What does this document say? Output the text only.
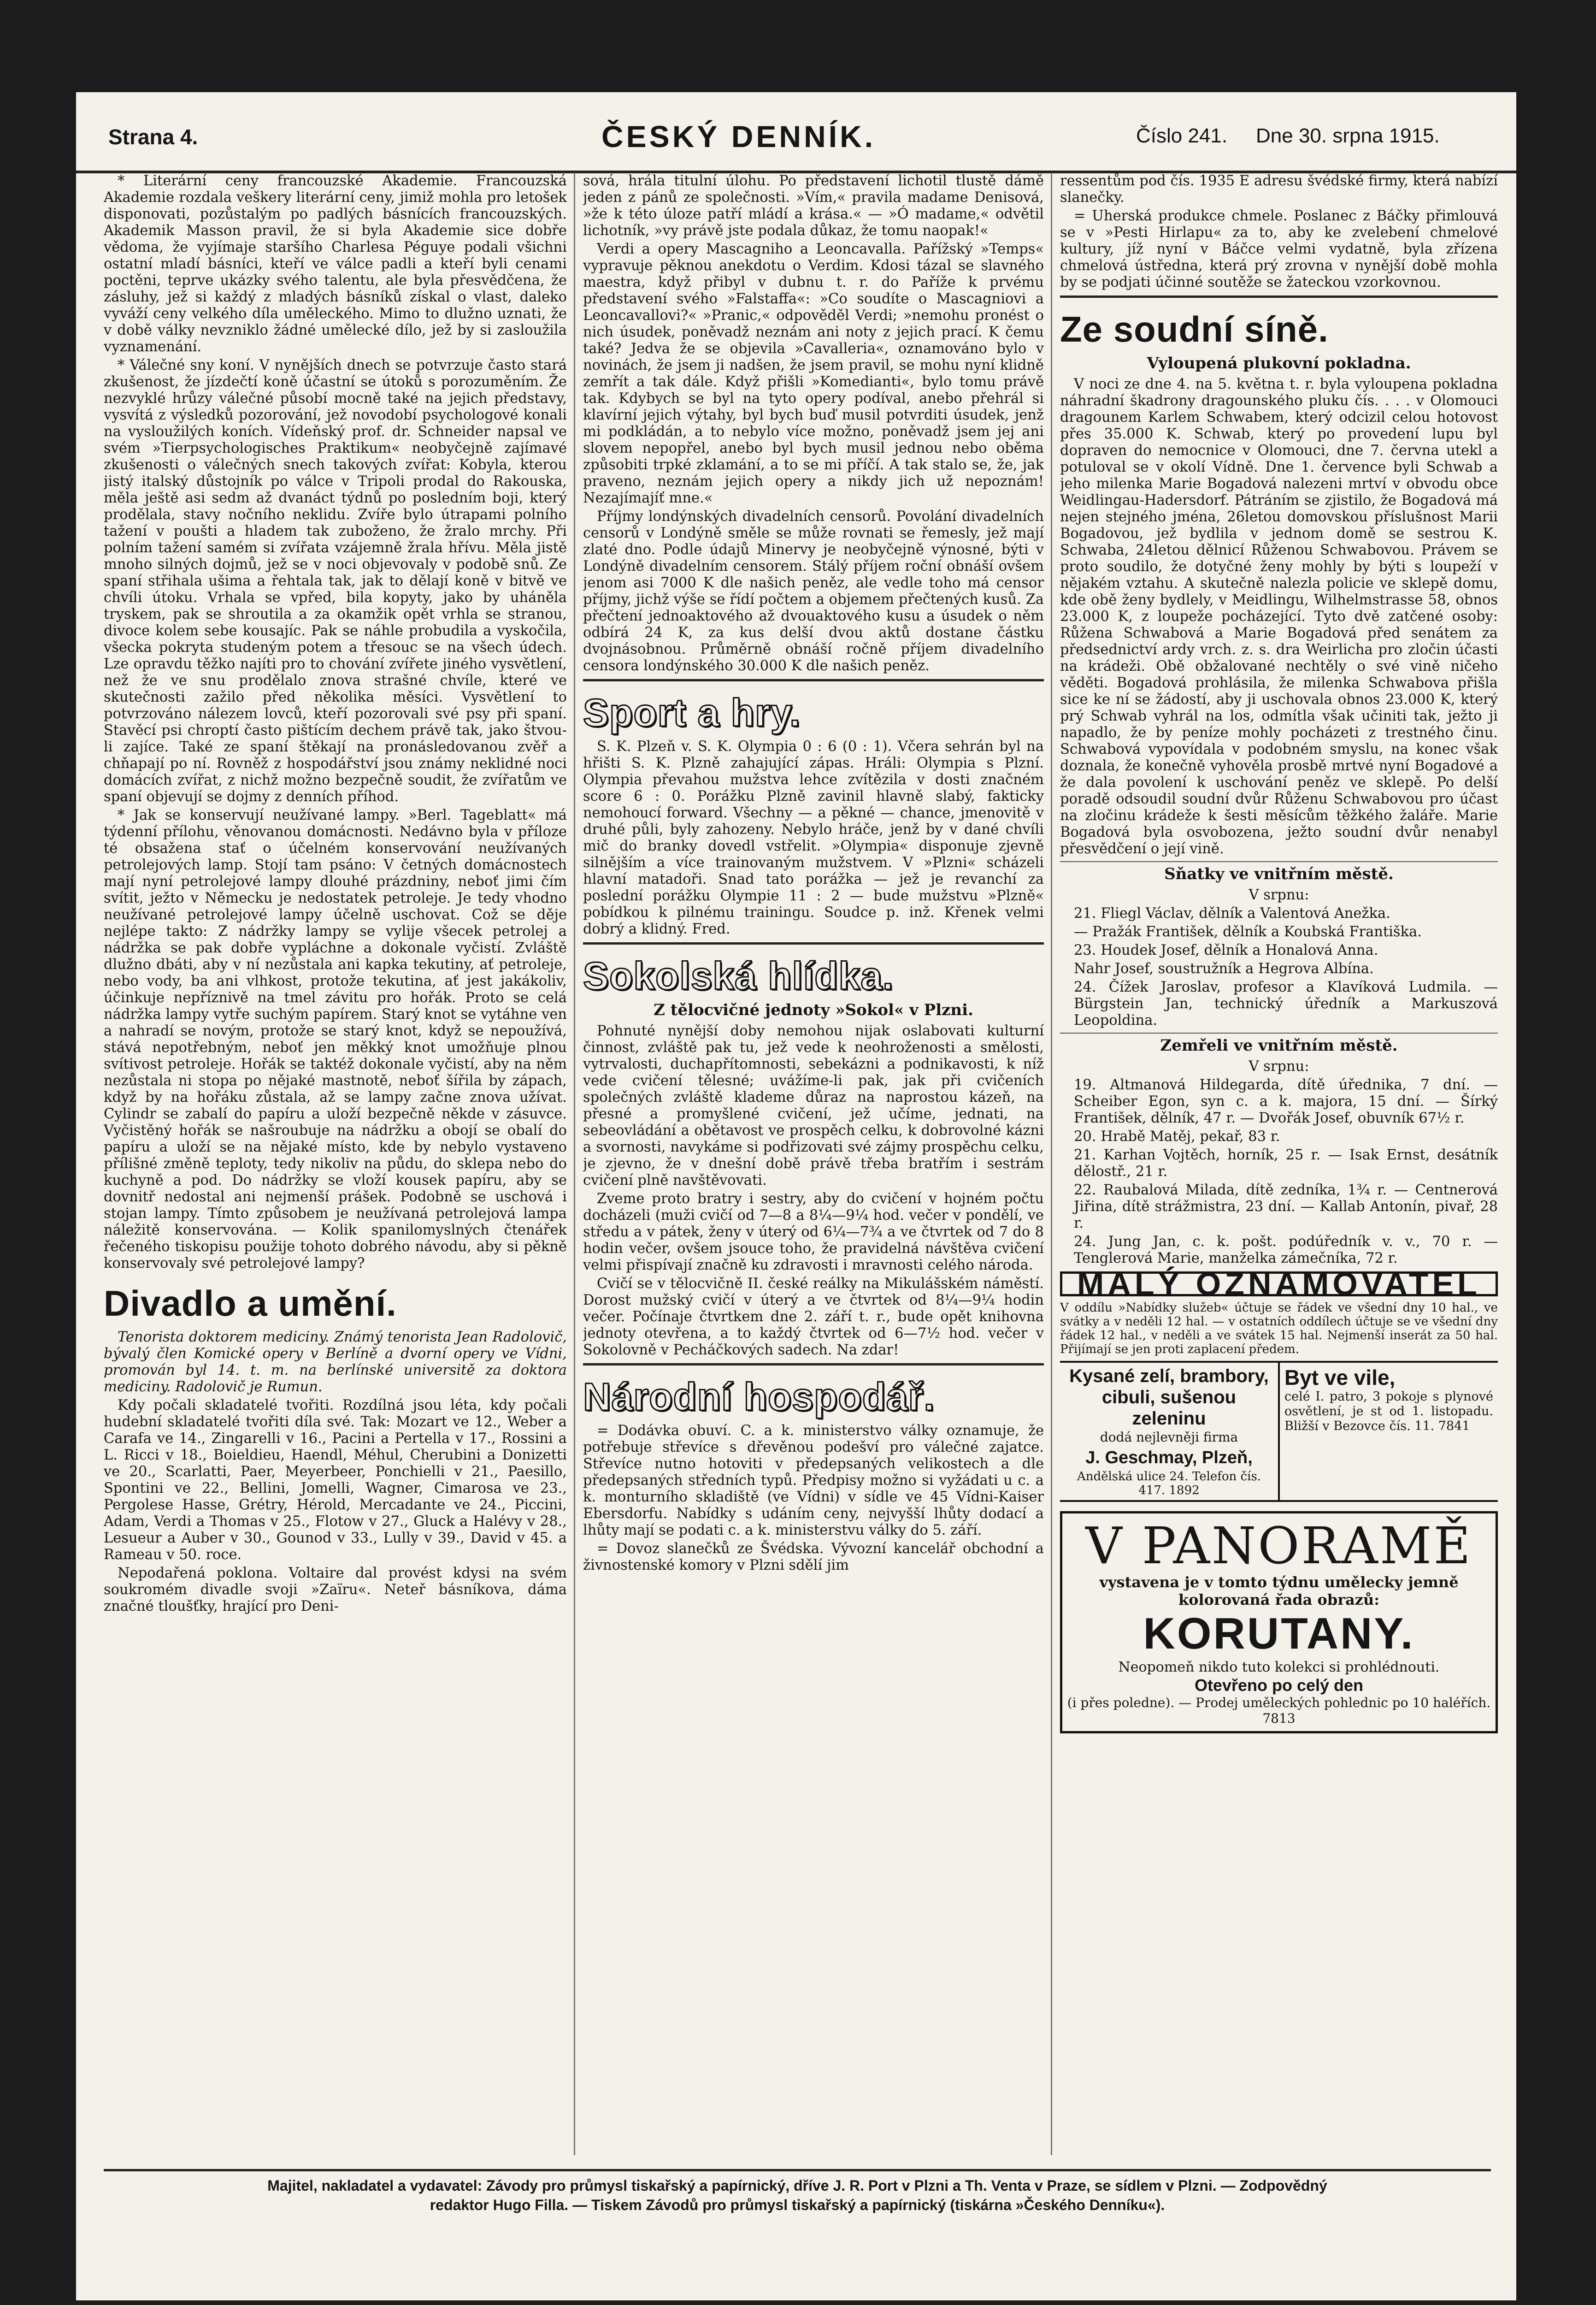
Strana 4.	ČESKÝ DENNÍK.	Číslo 241. Dne 30. srpna 1915.

* Literární ceny francouzské Akademie. Francouzská Akademie rozdala veškery literární ceny, jimiž mohla pro letošek disponovati, pozůstalým po padlých básnících francouzských. Akademik Masson pravil, že si byla Akademie sice dobře vědoma, že vyjímaje staršího Charlesa Péguye podali všichni ostatní mladí básníci, kteří ve válce padli a kteří byli cenami poctěni, teprve ukázky svého talentu, ale byla přesvědčena, že zásluhy, jež si každý z mladých básníků získal o vlast, daleko vyváží ceny velkého díla uměleckého. Mimo to dlužno uznati, že v době války nevzniklo žádné umělecké dílo, jež by si zasloužila vyznamenání.

* Válečné sny koní. V nynějších dnech se potvrzuje často stará zkušenost, že jízdečtí koně účastní se útoků s porozuměním. Že nezvyklé hrůzy válečné působí mocně také na jejich představy, vysvítá z výsledků pozorování, jež novodobí psychologové konali na vysloužilých koních. Vídeňský prof. dr. Schneider napsal ve svém »Tierpsychologisches Praktikum« neobyčejně zajímavé zkušenosti o válečných snech takových zvířat: Kobyla, kterou jistý italský důstojník po válce v Tripoli prodal do Rakouska, měla ještě asi sedm až dvanáct týdnů po posledním boji, který prodělala, stavy nočního neklidu. Zvíře bylo útrapami polního tažení v poušti a hladem tak zuboženo, že žralo mrchy. Při polním tažení samém si zvířata vzájemně žrala hřívu. Měla jistě mnoho silných dojmů, jež se v noci objevovaly v podobě snů. Ze spaní střihala ušima a řehtala tak, jak to dělají koně v bitvě ve chvíli útoku. Vrhala se vpřed, bila kopyty, jako by uháněla tryskem, pak se shroutila a za okamžik opět vrhla se stranou, divoce kolem sebe kousajíc. Pak se náhle probudila a vyskočila, všecka pokryta studeným potem a třesouc se na všech údech. Lze opravdu těžko najíti pro to chování zvířete jiného vysvětlení, než že ve snu prodělalo znova strašné chvíle, které ve skutečnosti zažilo před několika měsíci. Vysvětlení to potvrzováno nálezem lovců, kteří pozorovali své psy při spaní. Stavěcí psi chroptí často pištícím dechem právě tak, jako štvou-li zajíce. Také ze spaní štěkají na pronásledovanou zvěř a chňapají po ní. Rovněž z hospodářství jsou známy neklidné noci domácích zvířat, z nichž možno bezpečně soudit, že zvířatům ve spaní objevují se dojmy z denních příhod.

* Jak se konservují neužívané lampy. »Berl. Tageblatt« má týdenní přílohu, věnovanou domácnosti. Nedávno byla v příloze té obsažena stať o účelném konservování neužívaných petrolejových lamp. Stojí tam psáno: V četných domácnostech mají nyní petrolejové lampy dlouhé prázdniny, neboť jimi čím svítit, ježto v Německu je nedostatek petroleje. Je tedy vhodno neužívané petrolejové lampy účelně uschovat. Což se děje nejlépe takto: Z nádržky lampy se vylije všecek petrolej a nádržka se pak dobře vypláchne a dokonale vyčistí. Zvláště dlužno dbáti, aby v ní nezůstala ani kapka tekutiny, ať petroleje, nebo vody, ba ani vlhkost, protože tekutina, ať jest jakákoliv, účinkuje nepříznivě na tmel závitu pro hořák. Proto se celá nádržka lampy vytře suchým papírem. Starý knot se vytáhne ven a nahradí se novým, protože se starý knot, když se nepoužívá, stává nepotřebným, neboť jen měkký knot umožňuje plnou svítivost petroleje. Hořák se taktéž dokonale vyčistí, aby na něm nezůstala ni stopa po nějaké mastnotě, neboť šířila by zápach, když by na hořáku zůstala, až se lampy začne znova užívat. Cylindr se zabalí do papíru a uloží bezpečně někde v zásuvce. Vyčistěný hořák se našroubuje na nádržku a obojí se obalí do papíru a uloží se na nějaké místo, kde by nebylo vystaveno přílišné změně teploty, tedy nikoliv na půdu, do sklepa nebo do kuchyně a pod. Do nádržky se vloží kousek papíru, aby se dovnitř nedostal ani nejmenší prášek. Podobně se uschová i stojan lampy. Tímto způsobem je neužívaná petrolejová lampa náležitě konservována. — Kolik spanilomyslných čtenářek řečeného tiskopisu použije tohoto dobrého návodu, aby si pěkně konservovaly své petrolejové lampy?

Divadlo a umění.

Tenorista doktorem mediciny. Známý tenorista Jean Radolovič, bývalý člen Komické opery v Berlíně a dvorní opery ve Vídni, promován byl 14. t. m. na berlínské universitě za doktora mediciny. Radolovič je Rumun.

Kdy počali skladatelé tvořiti. Rozdílná jsou léta, kdy počali hudební skladatelé tvořiti díla své. Tak: Mozart ve 12., Weber a Carafa ve 14., Zingarelli v 16., Pacini a Pertella v 17., Rossini a L. Ricci v 18., Boieldieu, Haendl, Méhul, Cherubini a Donizetti ve 20., Scarlatti, Paer, Meyerbeer, Ponchielli v 21., Paesillo, Spontini ve 22., Bellini, Jomelli, Wagner, Cimarosa ve 23., Pergolese Hasse, Grétry, Hérold, Mercadante ve 24., Piccini, Adam, Verdi a Thomas v 25., Flotow v 27., Gluck a Halévy v 28., Lesueur a Auber v 30., Gounod v 33., Lully v 39., David v 45. a Rameau v 50. roce.

Nepodařená poklona. Voltaire dal provést kdysi na svém soukromém divadle svoji »Zaïru«. Neteř básníkova, dáma značné tloušťky, hrající pro Deni-

sová, hrála titulní úlohu. Po představení lichotil tlustě dámě jeden z pánů ze společnosti. »Vím,« pravila madame Denisová, »že k této úloze patří mládí a krása.« — »Ó madame,« odvětil lichotník, »vy právě jste podala důkaz, že tomu naopak!«

Verdi a opery Mascagniho a Leoncavalla. Pařížský »Temps« vypravuje pěknou anekdotu o Verdim. Kdosi tázal se slavného maestra, když přibyl v dubnu t. r. do Paříže k prvému představení svého »Falstaffa«: »Co soudíte o Mascagniovi a Leoncavallovi?« »Pranic,« odpověděl Verdi; »nemohu pronést o nich úsudek, poněvadž neznám ani noty z jejich prací. K čemu také? Jedva že se objevila »Cavalleria«, oznamováno bylo v novinách, že jsem ji nadšen, že jsem pravil, se mohu nyní klidně zemřít a tak dále. Když přišli »Komedianti«, bylo tomu právě tak. Kdybych se byl na tyto opery podíval, anebo přehrál si klavírní jejich výtahy, byl bych buď musil potvrditi úsudek, jenž mi podkládán, a to nebylo více možno, poněvadž jsem jej ani slovem nepopřel, anebo byl bych musil jednou nebo oběma způsobiti trpké zklamání, a to se mi příčí. A tak stalo se, že, jak praveno, neznám jejich opery a nikdy jich už nepoznám! Nezajímajíť mne.«

Příjmy londýnských divadelních censorů. Povolání divadelních censorů v Londýně směle se může rovnati se řemesly, jež mají zlaté dno. Podle údajů Minervy je neobyčejně výnosné, býti v Londýně divadelním censorem. Stálý příjem roční obnáší ovšem jenom asi 7000 K dle našich peněz, ale vedle toho má censor příjmy, jichž výše se řídí počtem a objemem přečtených kusů. Za přečtení jednoaktového až dvouaktového kusu a úsudek o něm odbírá 24 K, za kus delší dvou aktů dostane částku dvojnásobnou. Průměrně obnáší ročně příjem divadelního censora londýnského 30.000 K dle našich peněz.

Sport a hry.

S. K. Plzeň v. S. K. Olympia 0 : 6 (0 : 1). Včera sehrán byl na hřišti S. K. Plzně zahajující zápas. Hráli: Olympia s Plzní. Olympia převahou mužstva lehce zvítězila v dosti značném score 6 : 0. Porážku Plzně zavinil hlavně slabý, fakticky nemohoucí forward. Všechny — a pěkné — chance, jmenovitě v druhé půli, byly zahozeny. Nebylo hráče, jenž by v dané chvíli mič do branky dovedl vstřelit. »Olympia« disponuje zjevně silnějším a více trainovaným mužstvem. V »Plzni« scházeli hlavní matadoři. Snad tato porážka — jež je revanchí za poslední porážku Olympie 11 : 2 — bude mužstvu »Plzně« pobídkou k pilnému trainingu. Soudce p. inž. Křenek velmi dobrý a klidný. Fred.

Sokolská hlídka.
Z tělocvičné jednoty »Sokol« v Plzni.

Pohnuté nynější doby nemohou nijak oslabovati kulturní činnost, zvláště pak tu, jež vede k neohroženosti a smělosti, vytrvalosti, duchapřítomnosti, sebekázni a podnikavosti, k níž vede cvičení tělesné; uvážíme-li pak, jak při cvičeních společných zvláště klademe důraz na naprostou kázeň, na přesné a promyšlené cvičení, jež učíme, jednati, na sebeovládání a obětavost ve prospěch celku, k dobrovolné kázni a svornosti, navykáme si podřizovati své zájmy prospěchu celku, je zjevno, že v dnešní době právě třeba bratřím i sestrám cvičení plně navštěvovati.

Zveme proto bratry i sestry, aby do cvičení v hojném počtu docházeli (muži cvičí od 7—8 a 8¼—9¼ hod. večer v pondělí, ve středu a v pátek, ženy v úterý od 6¼—7¾ a ve čtvrtek od 7 do 8 hodin večer, ovšem jsouce toho, že pravidelná návštěva cvičení velmi přispívají značně ku zdravosti i mravnosti celého národa.

Cvičí se v tělocvičně II. české reálky na Mikulášském náměstí. Dorost mužský cvičí v úterý a ve čtvrtek od 8¼—9¼ hodin večer. Počínaje čtvrtkem dne 2. září t. r., bude opět knihovna jednoty otevřena, a to každý čtvrtek od 6—7½ hod. večer v Sokolovně v Pecháčkových sadech. Na zdar!

Národní hospodář.

= Dodávka obuví. C. a k. ministerstvo války oznamuje, že potřebuje střevíce s dřevěnou podešví pro válečné zajatce. Střevíce nutno hotoviti v předepsaných velikostech a dle předepsaných středních typů. Předpisy možno si vyžádati u c. a k. monturního skladiště (ve Vídni) v sídle ve 45 Vídni-Kaiser Ebersdorfu. Nabídky s udáním ceny, nejvyšší lhůty dodací a lhůty mají se podati c. a k. ministerstvu války do 5. září.

= Dovoz slanečků ze Švédska. Vývozní kancelář obchodní a živnostenské komory v Plzni sdělí jim

ressentům pod čís. 1935 E adresu švédské firmy, která nabízí slanečky.

= Uherská produkce chmele. Poslanec z Báčky přimlouvá se v »Pesti Hirlapu« za to, aby ke zvelebení chmelové kultury, jíž nyní v Báčce velmi vydatně, byla zřízena chmelová ústředna, která prý zrovna v nynější době mohla by se podjati účinné soutěže se žateckou vzorkovnou.

Ze soudní síně.
Vyloupená plukovní pokladna.

V noci ze dne 4. na 5. května t. r. byla vyloupena pokladna náhradní škadrony dragounského pluku čís. . . . v Olomouci dragounem Karlem Schwabem, který odcizil celou hotovost přes 35.000 K. Schwab, který po provedení lupu byl dopraven do nemocnice v Olomouci, dne 7. června utekl a potuloval se v okolí Vídně. Dne 1. července byli Schwab a jeho milenka Marie Bogadová nalezeni mrtví v obvodu obce Weidlingau-Hadersdorf. Pátráním se zjistilo, že Bogadová má nejen stejného jména, 26letou domovskou příslušnost Marii Bogadovou, jež bydlila v jednom domě se sestrou K. Schwaba, 24letou dělnicí Růženou Schwabovou. Právem se proto soudilo, že dotyčné ženy mohly by býti s loupeží v nějakém vztahu. A skutečně nalezla policie ve sklepě domu, kde obě ženy bydlely, v Meidlingu, Wilhelmstrasse 58, obnos 23.000 K, z loupeže pocházející. Tyto dvě zatčené osoby: Růžena Schwabová a Marie Bogadová před senátem za předsednictví ardy vrch. z. s. dra Weirlicha pro zločin účasti na krádeži. Obě obžalované nechtěly o své vině ničeho věděti. Bogadová prohlásila, že milenka Schwabova přišla sice ke ní se žádostí, aby ji uschovala obnos 23.000 K, který prý Schwab vyhrál na los, odmítla však učiniti tak, ježto ji napadlo, že by peníze mohly pocházeti z trestného činu. Schwabová vypovídala v podobném smyslu, na konec však doznala, že konečně vyhověla prosbě mrtvé nyní Bogadové a že dala povolení k uschování peněz ve sklepě. Po delší poradě odsoudil soudní dvůr Růženu Schwabovou pro účast na zločinu krádeže k šesti měsícům těžkého žaláře. Marie Bogadová byla osvobozena, ježto soudní dvůr nenabyl přesvědčení o její vině.

Sňatky ve vnitřním městě.

V srpnu:

21. Fliegl Václav, dělník a Valentová Anežka.

— Pražák František, dělník a Koubská Františka.

23. Houdek Josef, dělník a Honalová Anna.

Nahr Josef, soustružník a Hegrova Albína.

24. Čížek Jaroslav, profesor a Klavíková Ludmila. — Bürgstein Jan, technický úředník a Markuszová Leopoldina.

Zemřeli ve vnitřním městě.

V srpnu:

19. Altmanová Hildegarda, dítě úřednika, 7 dní. — Scheiber Egon, syn c. a k. majora, 15 dní. — Šírký František, dělník, 47 r. — Dvořák Josef, obuvník 67½ r.

20. Hrabě Matěj, pekař, 83 r.

21. Karhan Vojtěch, horník, 25 r. — Isak Ernst, desátník dělostř., 21 r.

22. Raubalová Milada, dítě zedníka, 1¾ r. — Centnerová Jiřina, dítě strážmistra, 23 dní. — Kallab Antonín, pivař, 28 r.

24. Jung Jan, c. k. pošt. podúředník v. v., 70 r. — Tenglerová Marie, manželka zámečníka, 72 r.

MALÝ OZNAMOVATEL

V oddílu »Nabídky služeb« účtuje se řádek ve všední dny 10 hal., ve svátky a v neděli 12 hal. — v ostatních oddílech účtuje se ve všední dny řádek 12 hal., v neděli a ve svátek 15 hal. Nejmenší inserát za 50 hal. Přijímají se jen proti zaplacení předem.

Kysané zelí, brambory, cibuli, sušenou zeleninu
dodá nejlevněji firma
J. Geschmay, Plzeň,
Andělská ulice 24. Telefon čís. 417. 1892
Byt ve vile,
celé I. patro, 3 pokoje s plynové osvětlení, je st od 1. listopadu. Bližší v Bezovce čís. 11. 7841
V PANORAMĚ
vystavena je v tomto týdnu umělecky jemně kolorovaná řada obrazů:
KORUTANY.
Neopomeň nikdo tuto kolekci si prohlédnouti.
Otevřeno po celý den
(i přes poledne). — Prodej uměleckých pohlednic po 10 haléřích. 7813
Majitel, nakladatel a vydavatel: Závody pro průmysl tiskařský a papírnický, dříve J. R. Port v Plzni a Th. Venta v Praze, se sídlem v Plzni. — Zodpovědný
redaktor Hugo Filla. — Tiskem Závodů pro průmysl tiskařský a papírnický (tiskárna »Českého Denníku«).
